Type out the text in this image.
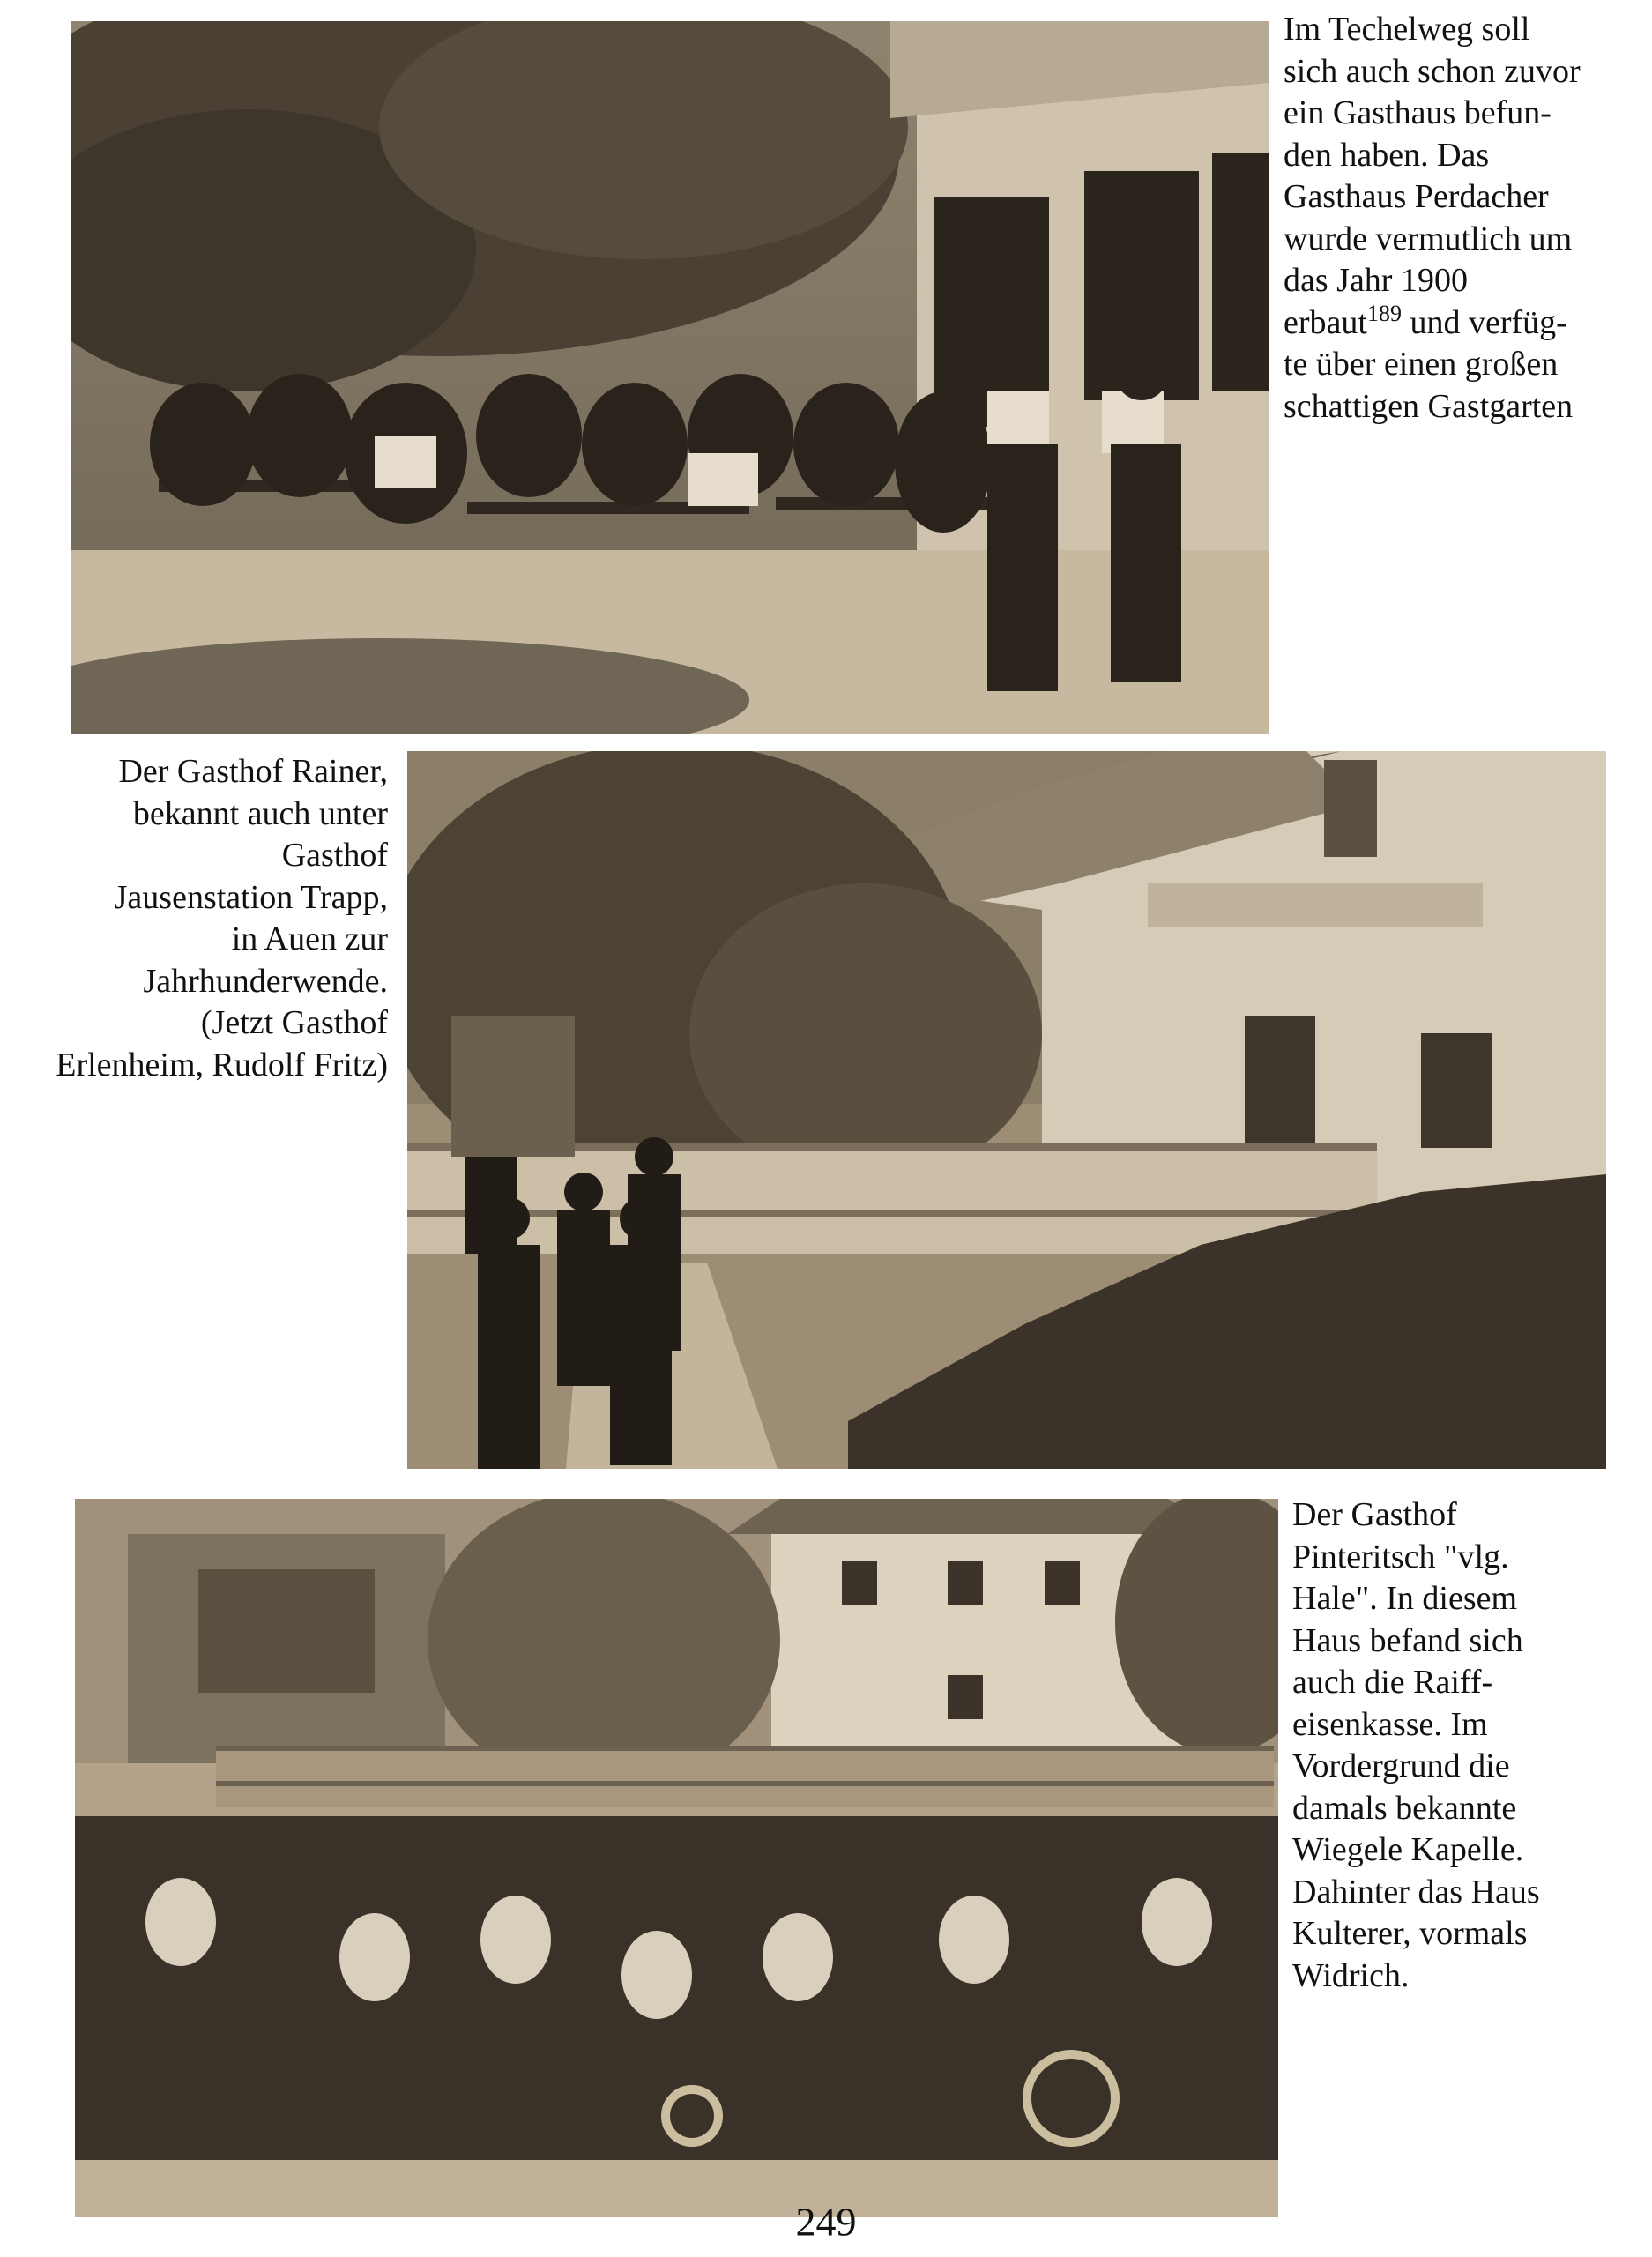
Im Techelweg soll
sich auch schon zuvor
ein Gasthaus befun-
den haben. Das
Gasthaus Perdacher
wurde vermutlich um
das Jahr 1900
erbaut$^{189}$ und verfüg-
te über einen großen
schattigen Gastgarten
Der Gasthof Rainer,
bekannt auch unter
Gasthof
Jausenstation Trapp,
in Auen zur
Jahrhunderwende.
(Jetzt Gasthof
Erlenheim, Rudolf Fritz)
Der Gasthof
Pinteritsch "vlg.
Hale". In diesem
Haus befand sich
auch die Raiff-
eisenkasse. Im
Vordergrund die
damals bekannte
Wiegele Kapelle.
Dahinter das Haus
Kulterer, vormals
Widrich.
249
